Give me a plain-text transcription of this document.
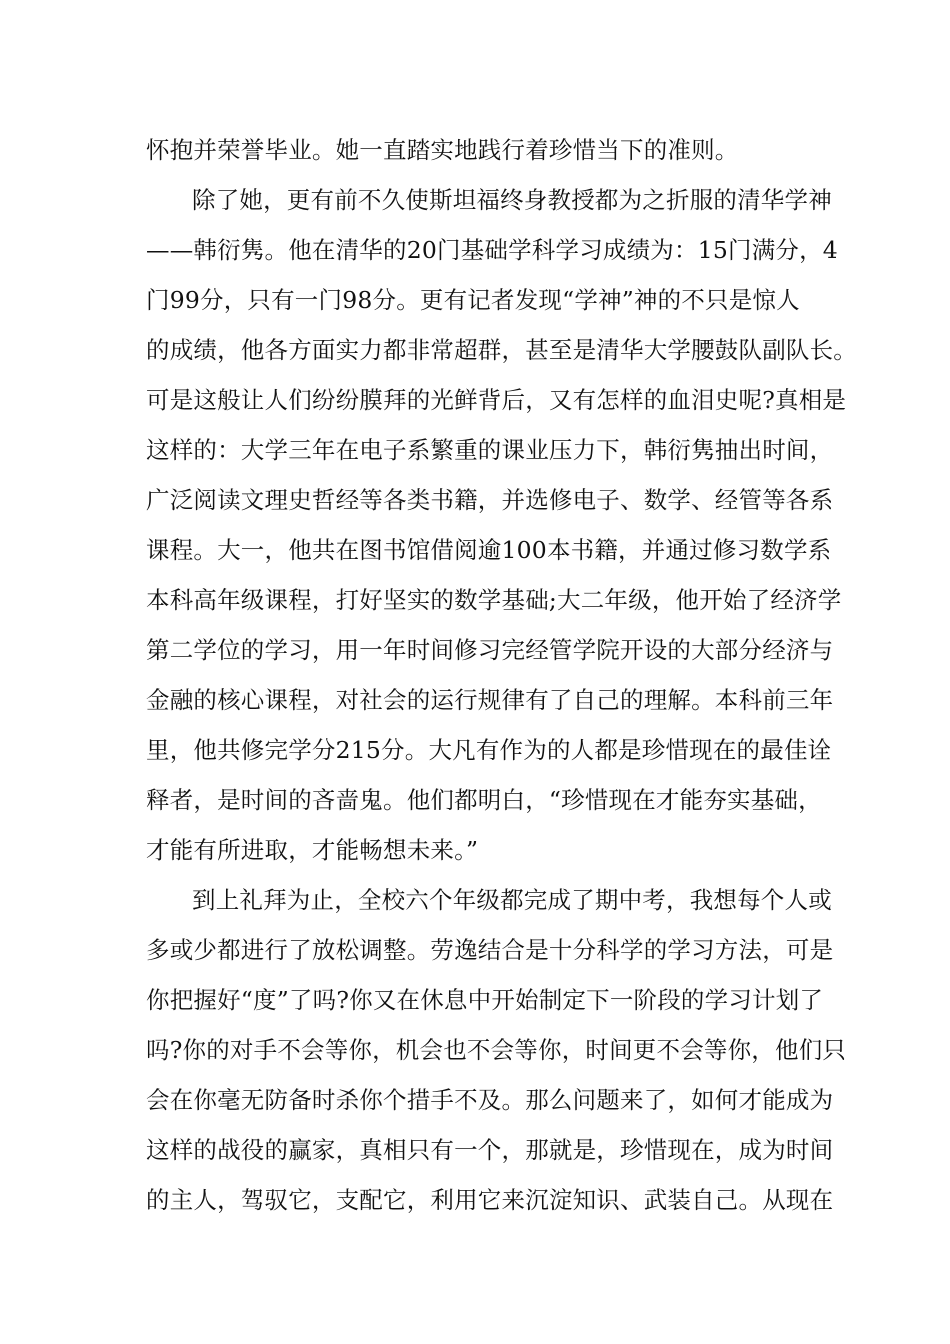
怀抱并荣誉毕业。她一直踏实地践行着珍惜当下的准则。
除了她，更有前不久使斯坦福终身教授都为之折服的清华学神
——韩衍隽。他在清华的20门基础学科学习成绩为：15门满分，4
门99分，只有一门98分。更有记者发现“学神”神的不只是惊人
的成绩，他各方面实力都非常超群，甚至是清华大学腰鼓队副队长。
可是这般让人们纷纷膜拜的光鲜背后，又有怎样的血泪史呢?真相是
这样的：大学三年在电子系繁重的课业压力下，韩衍隽抽出时间，
广泛阅读文理史哲经等各类书籍，并选修电子、数学、经管等各系
课程。大一，他共在图书馆借阅逾100本书籍，并通过修习数学系
本科高年级课程，打好坚实的数学基础;大二年级，他开始了经济学
第二学位的学习，用一年时间修习完经管学院开设的大部分经济与
金融的核心课程，对社会的运行规律有了自己的理解。本科前三年
里，他共修完学分215分。大凡有作为的人都是珍惜现在的最佳诠
释者，是时间的吝啬鬼。他们都明白，“珍惜现在才能夯实基础，
才能有所进取，才能畅想未来。”
到上礼拜为止，全校六个年级都完成了期中考，我想每个人或
多或少都进行了放松调整。劳逸结合是十分科学的学习方法，可是
你把握好“度”了吗?你又在休息中开始制定下一阶段的学习计划了
吗?你的对手不会等你，机会也不会等你，时间更不会等你，他们只
会在你毫无防备时杀你个措手不及。那么问题来了，如何才能成为
这样的战役的赢家，真相只有一个，那就是，珍惜现在，成为时间
的主人，驾驭它，支配它，利用它来沉淀知识、武装自己。从现在
